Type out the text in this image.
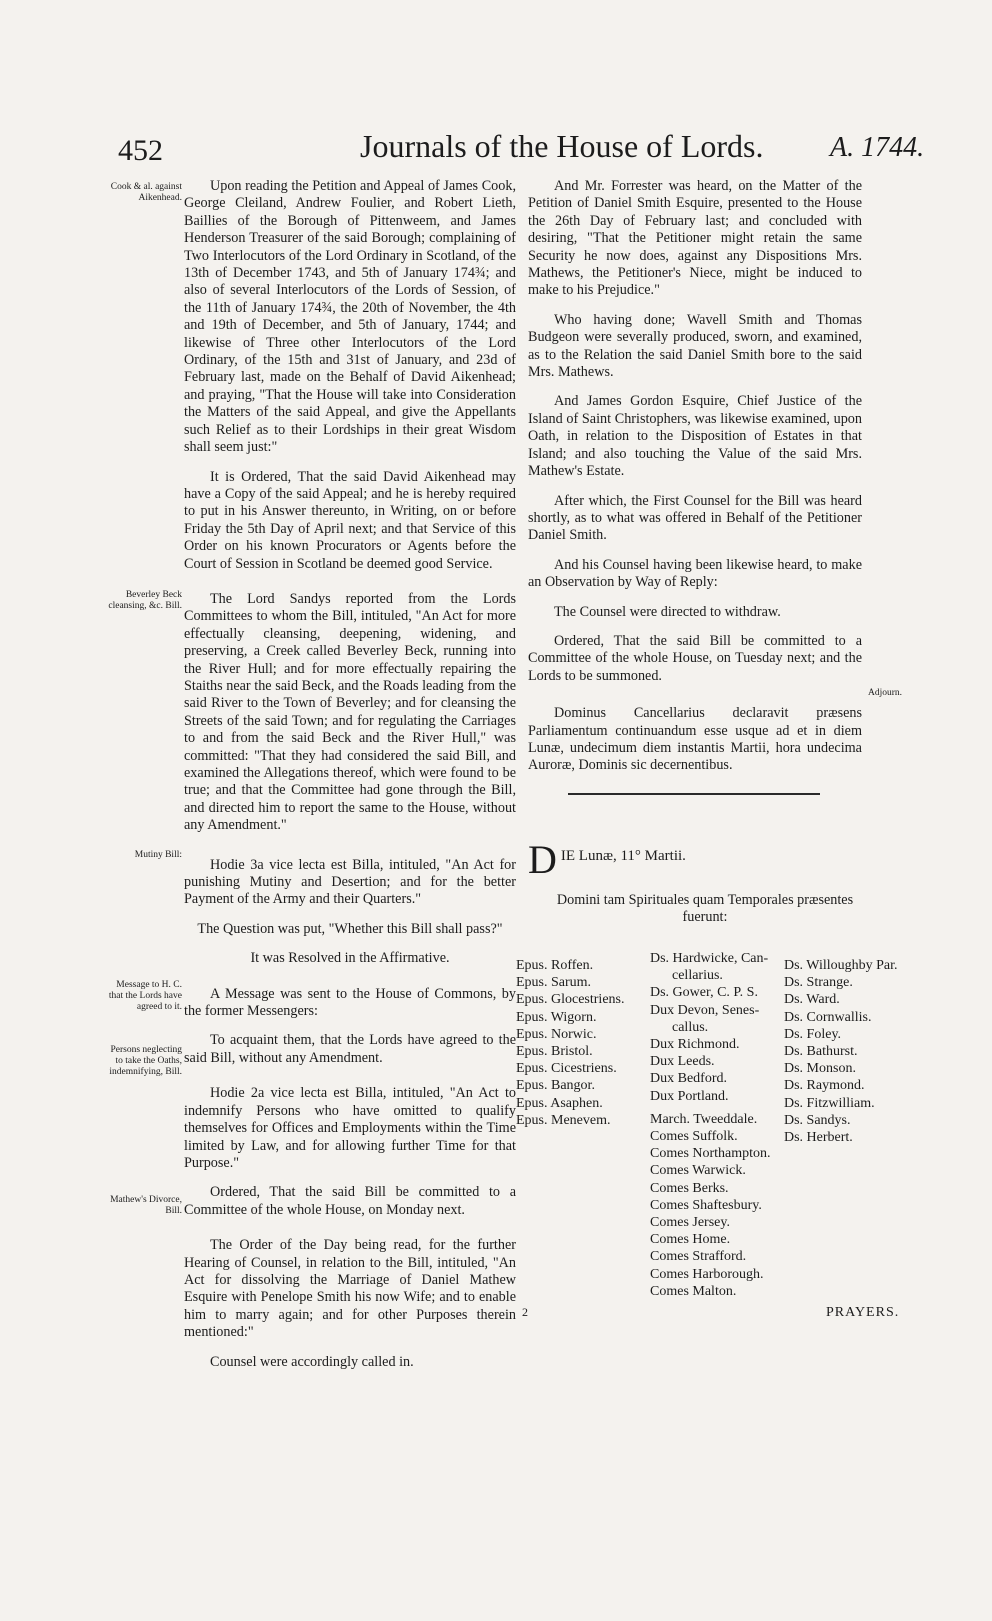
452	Journals of the House of Lords. A. 1744.
Cook & al. against Aikenhead.
Beverley Beck cleansing, &c. Bill.
Mutiny Bill:
Message to H. C. that the Lords have agreed to it.
Persons neglecting to take the Oaths, indemnifying, Bill.
Mathew's Divorce, Bill.

Upon reading the Petition and Appeal of James Cook, George Cleiland, Andrew Foulier, and Robert Lieth, Baillies of the Borough of Pittenweem, and James Henderson Treasurer of the said Borough; complaining of Two Interlocutors of the Lord Ordinary in Scotland, of the 13th of December 1743, and 5th of January 174¾; and also of several Interlocutors of the Lords of Session, of the 11th of January 174¾, the 20th of November, the 4th and 19th of December, and 5th of January, 1744; and likewise of Three other Interlocutors of the Lord Ordinary, of the 15th and 31st of January, and 23d of February last, made on the Behalf of David Aikenhead; and praying, "That the House will take into Consideration the Matters of the said Appeal, and give the Appellants such Relief as to their Lordships in their great Wisdom shall seem just:"

It is Ordered, That the said David Aikenhead may have a Copy of the said Appeal; and he is hereby required to put in his Answer thereunto, in Writing, on or before Friday the 5th Day of April next; and that Service of this Order on his known Procurators or Agents before the Court of Session in Scotland be deemed good Service.

The Lord Sandys reported from the Lords Committees to whom the Bill, intituled, "An Act for more effectually cleansing, deepening, widening, and preserving, a Creek called Beverley Beck, running into the River Hull; and for more effectually repairing the Staiths near the said Beck, and the Roads leading from the said River to the Town of Beverley; and for cleansing the Streets of the said Town; and for regulating the Carriages to and from the said Beck and the River Hull," was committed: "That they had considered the said Bill, and examined the Allegations thereof, which were found to be true; and that the Committee had gone through the Bill, and directed him to report the same to the House, without any Amendment."

Hodie 3a vice lecta est Billa, intituled, "An Act for punishing Mutiny and Desertion; and for the better Payment of the Army and their Quarters."

The Question was put, "Whether this Bill shall pass?"

It was Resolved in the Affirmative.

A Message was sent to the House of Commons, by the former Messengers:

To acquaint them, that the Lords have agreed to the said Bill, without any Amendment.

Hodie 2a vice lecta est Billa, intituled, "An Act to indemnify Persons who have omitted to qualify themselves for Offices and Employments within the Time limited by Law, and for allowing further Time for that Purpose."

Ordered, That the said Bill be committed to a Committee of the whole House, on Monday next.

The Order of the Day being read, for the further Hearing of Counsel, in relation to the Bill, intituled, "An Act for dissolving the Marriage of Daniel Mathew Esquire with Penelope Smith his now Wife; and to enable him to marry again; and for other Purposes therein mentioned:"

Counsel were accordingly called in.

And Mr. Forrester was heard, on the Matter of the Petition of Daniel Smith Esquire, presented to the House the 26th Day of February last; and concluded with desiring, "That the Petitioner might retain the same Security he now does, against any Dispositions Mrs. Mathews, the Petitioner's Niece, might be induced to make to his Prejudice."

Who having done; Wavell Smith and Thomas Budgeon were severally produced, sworn, and examined, as to the Relation the said Daniel Smith bore to the said Mrs. Mathews.

And James Gordon Esquire, Chief Justice of the Island of Saint Christophers, was likewise examined, upon Oath, in relation to the Disposition of Estates in that Island; and also touching the Value of the said Mrs. Mathew's Estate.

After which, the First Counsel for the Bill was heard shortly, as to what was offered in Behalf of the Petitioner Daniel Smith.

And his Counsel having been likewise heard, to make an Observation by Way of Reply:

The Counsel were directed to withdraw.

Ordered, That the said Bill be committed to a Committee of the whole House, on Tuesday next; and the Lords to be summoned.

Dominus Cancellarius declaravit præsens Parliamentum continuandum esse usque ad et in diem Lunæ, undecimum diem instantis Martii, hora undecima Auroræ, Dominis sic decernentibus.

Adjourn.
D IE Lunæ, 11° Martii.
Domini tam Spirituales quam Temporales præsentes fuerunt:
Epus. Roffen.
Epus. Sarum.
Epus. Glocestriens.
Epus. Wigorn.
Epus. Norwic.
Epus. Bristol.
Epus. Cicestriens.
Epus. Bangor.
Epus. Asaphen.
Epus. Menevem.
Ds. Hardwicke, Can-
cellarius.
Ds. Gower, C. P. S.
Dux Devon, Senes-
callus.
Dux Richmond.
Dux Leeds.
Dux Bedford.
Dux Portland.
March. Tweeddale.
Comes Suffolk.
Comes Northampton.
Comes Warwick.
Comes Berks.
Comes Shaftesbury.
Comes Jersey.
Comes Home.
Comes Strafford.
Comes Harborough.
Comes Malton.
Ds. Willoughby Par.
Ds. Strange.
Ds. Ward.
Ds. Cornwallis.
Ds. Foley.
Ds. Bathurst.
Ds. Monson.
Ds. Raymond.
Ds. Fitzwilliam.
Ds. Sandys.
Ds. Herbert.
2	PRAYERS.
